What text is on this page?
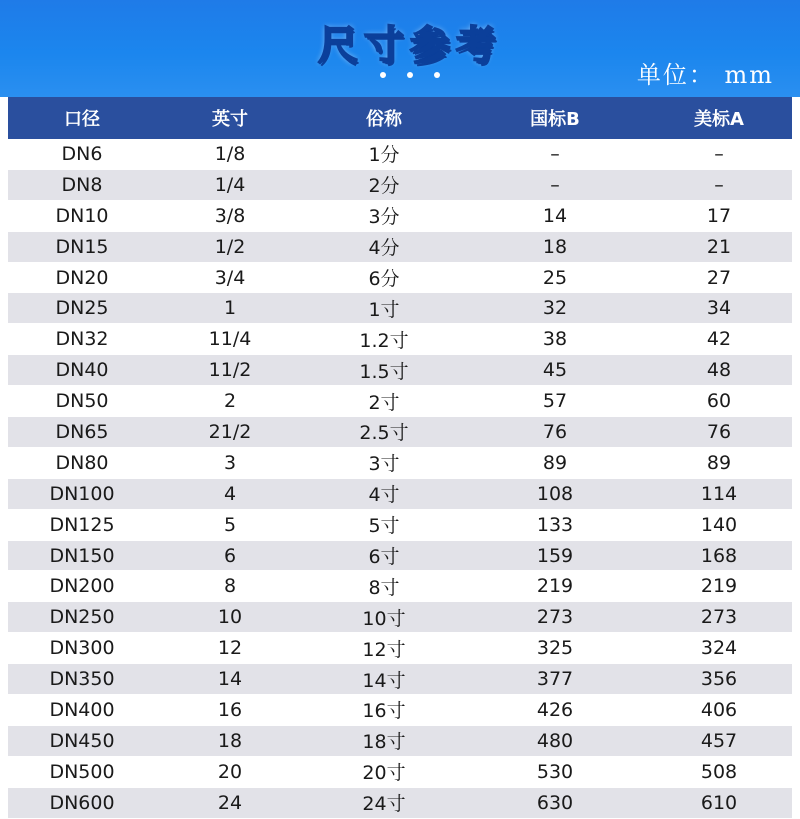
尺寸参考
单位： mm
口径	英寸	俗称	国标B	美标A
DN6	1/8	1分	–	–
DN8	1/4	2分	–	–
DN10	3/8	3分	14	17
DN15	1/2	4分	18	21
DN20	3/4	6分	25	27
DN25	1	1寸	32	34
DN32	11/4	1.2寸	38	42
DN40	11/2	1.5寸	45	48
DN50	2	2寸	57	60
DN65	21/2	2.5寸	76	76
DN80	3	3寸	89	89
DN100	4	4寸	108	114
DN125	5	5寸	133	140
DN150	6	6寸	159	168
DN200	8	8寸	219	219
DN250	10	10寸	273	273
DN300	12	12寸	325	324
DN350	14	14寸	377	356
DN400	16	16寸	426	406
DN450	18	18寸	480	457
DN500	20	20寸	530	508
DN600	24	24寸	630	610
